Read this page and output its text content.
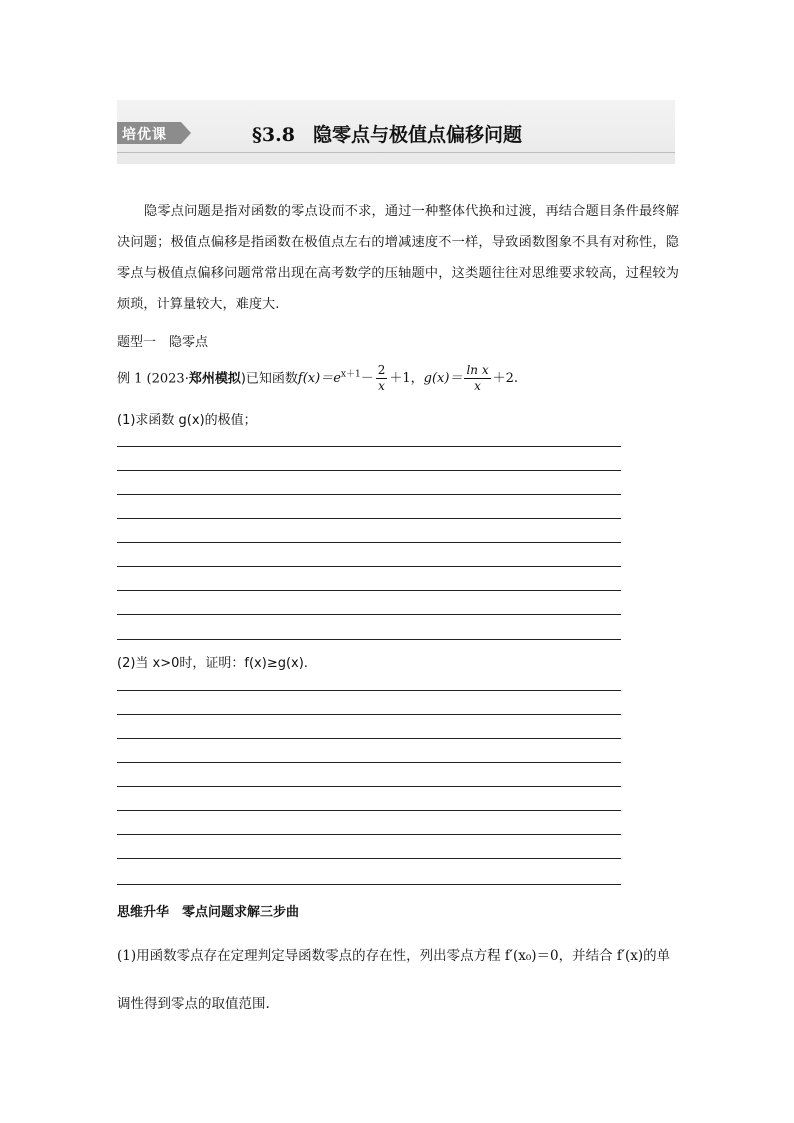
培优课	§3.8 隐零点与极值点偏移问题
隐零点问题是指对函数的零点设而不求，通过一种整体代换和过渡，再结合题目条件最终解决问题；极值点偏移是指函数在极值点左右的增减速度不一样，导致函数图象不具有对称性，隐零点与极值点偏移问题常常出现在高考数学的压轴题中，这类题往往对思维要求较高，过程较为烦琐，计算量较大，难度大.
题型一　隐零点
例 1 (2023·郑州模拟)已知函数$f(x)=e^{x+1}- \frac{2}{x} +1$，$g(x)= \frac{\text{ln x}}{x} +2$.
(1)求函数 g(x)的极值；
(2)当 x>0时，证明：f(x)≥g(x).
思维升华　零点问题求解三步曲
(1)用函数零点存在定理判定导函数零点的存在性，列出零点方程 f′(x₀)＝0，并结合 f′(x)的单调性得到零点的取值范围.
